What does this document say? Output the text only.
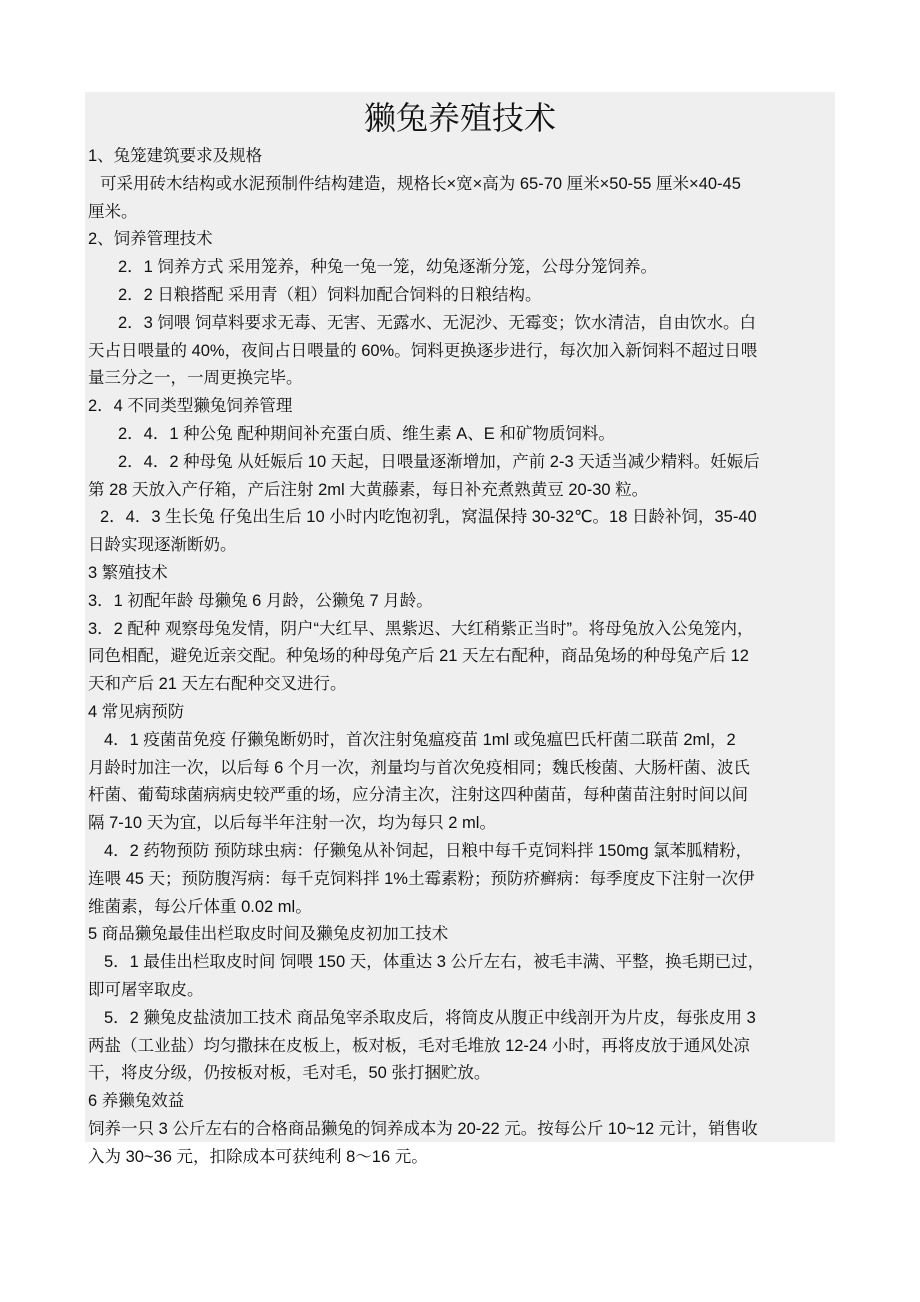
獭兔养殖技术
1、兔笼建筑要求及规格
可采用砖木结构或水泥预制件结构建造，规格长×宽×高为 65-70 厘米×50-55 厘米×40-45
厘米。
2、饲养管理技术
2．1 饲养方式 采用笼养，种兔一兔一笼，幼兔逐渐分笼，公母分笼饲养。
2．2 日粮搭配 采用青（粗）饲料加配合饲料的日粮结构。
2．3 饲喂 饲草料要求无毒、无害、无露水、无泥沙、无霉变；饮水清洁，自由饮水。白
天占日喂量的 40%，夜间占日喂量的 60%。饲料更换逐步进行，每次加入新饲料不超过日喂
量三分之一，一周更换完毕。
2．4 不同类型獭兔饲养管理
2．4．1 种公兔 配种期间补充蛋白质、维生素 A、E 和矿物质饲料。
2．4．2 种母兔 从妊娠后 10 天起，日喂量逐渐增加，产前 2-3 天适当减少精料。妊娠后
第 28 天放入产仔箱，产后注射 2ml 大黄藤素，每日补充煮熟黄豆 20-30 粒。
2．4．3 生长兔 仔兔出生后 10 小时内吃饱初乳，窝温保持 30-32℃。18 日龄补饲，35-40
日龄实现逐渐断奶。
3 繁殖技术
3．1 初配年龄 母獭兔 6 月龄，公獭兔 7 月龄。
3．2 配种 观察母兔发情，阴户“大红早、黑紫迟、大红稍紫正当时”。将母兔放入公兔笼内，
同色相配，避免近亲交配。种兔场的种母兔产后 21 天左右配种，商品兔场的种母兔产后 12
天和产后 21 天左右配种交叉进行。
4 常见病预防
4．1 疫菌苗免疫 仔獭兔断奶时，首次注射兔瘟疫苗 1ml 或兔瘟巴氏杆菌二联苗 2ml，2
月龄时加注一次，以后每 6 个月一次，剂量均与首次免疫相同；魏氏梭菌、大肠杆菌、波氏
杆菌、葡萄球菌病病史较严重的场，应分清主次，注射这四种菌苗，每种菌苗注射时间以间
隔 7-10 天为宜，以后每半年注射一次，均为每只 2 ml。
4．2 药物预防 预防球虫病：仔獭兔从补饲起，日粮中每千克饲料拌 150mg 氯苯胍精粉，
连喂 45 天；预防腹泻病：每千克饲料拌 1%土霉素粉；预防疥癣病：每季度皮下注射一次伊
维菌素，每公斤体重 0.02 ml。
5 商品獭兔最佳出栏取皮时间及獭兔皮初加工技术
5．1 最佳出栏取皮时间 饲喂 150 天，体重达 3 公斤左右，被毛丰满、平整，换毛期已过，
即可屠宰取皮。
5．2 獭兔皮盐渍加工技术 商品兔宰杀取皮后，将筒皮从腹正中线剖开为片皮，每张皮用 3
两盐（工业盐）均匀撒抹在皮板上，板对板，毛对毛堆放 12-24 小时，再将皮放于通风处凉
干，将皮分级，仍按板对板，毛对毛，50 张打捆贮放。
6 养獭兔效益
饲养一只 3 公斤左右的合格商品獭兔的饲养成本为 20-22 元。按每公斤 10~12 元计，销售收
入为 30~36 元，扣除成本可获纯利 8～16 元。
